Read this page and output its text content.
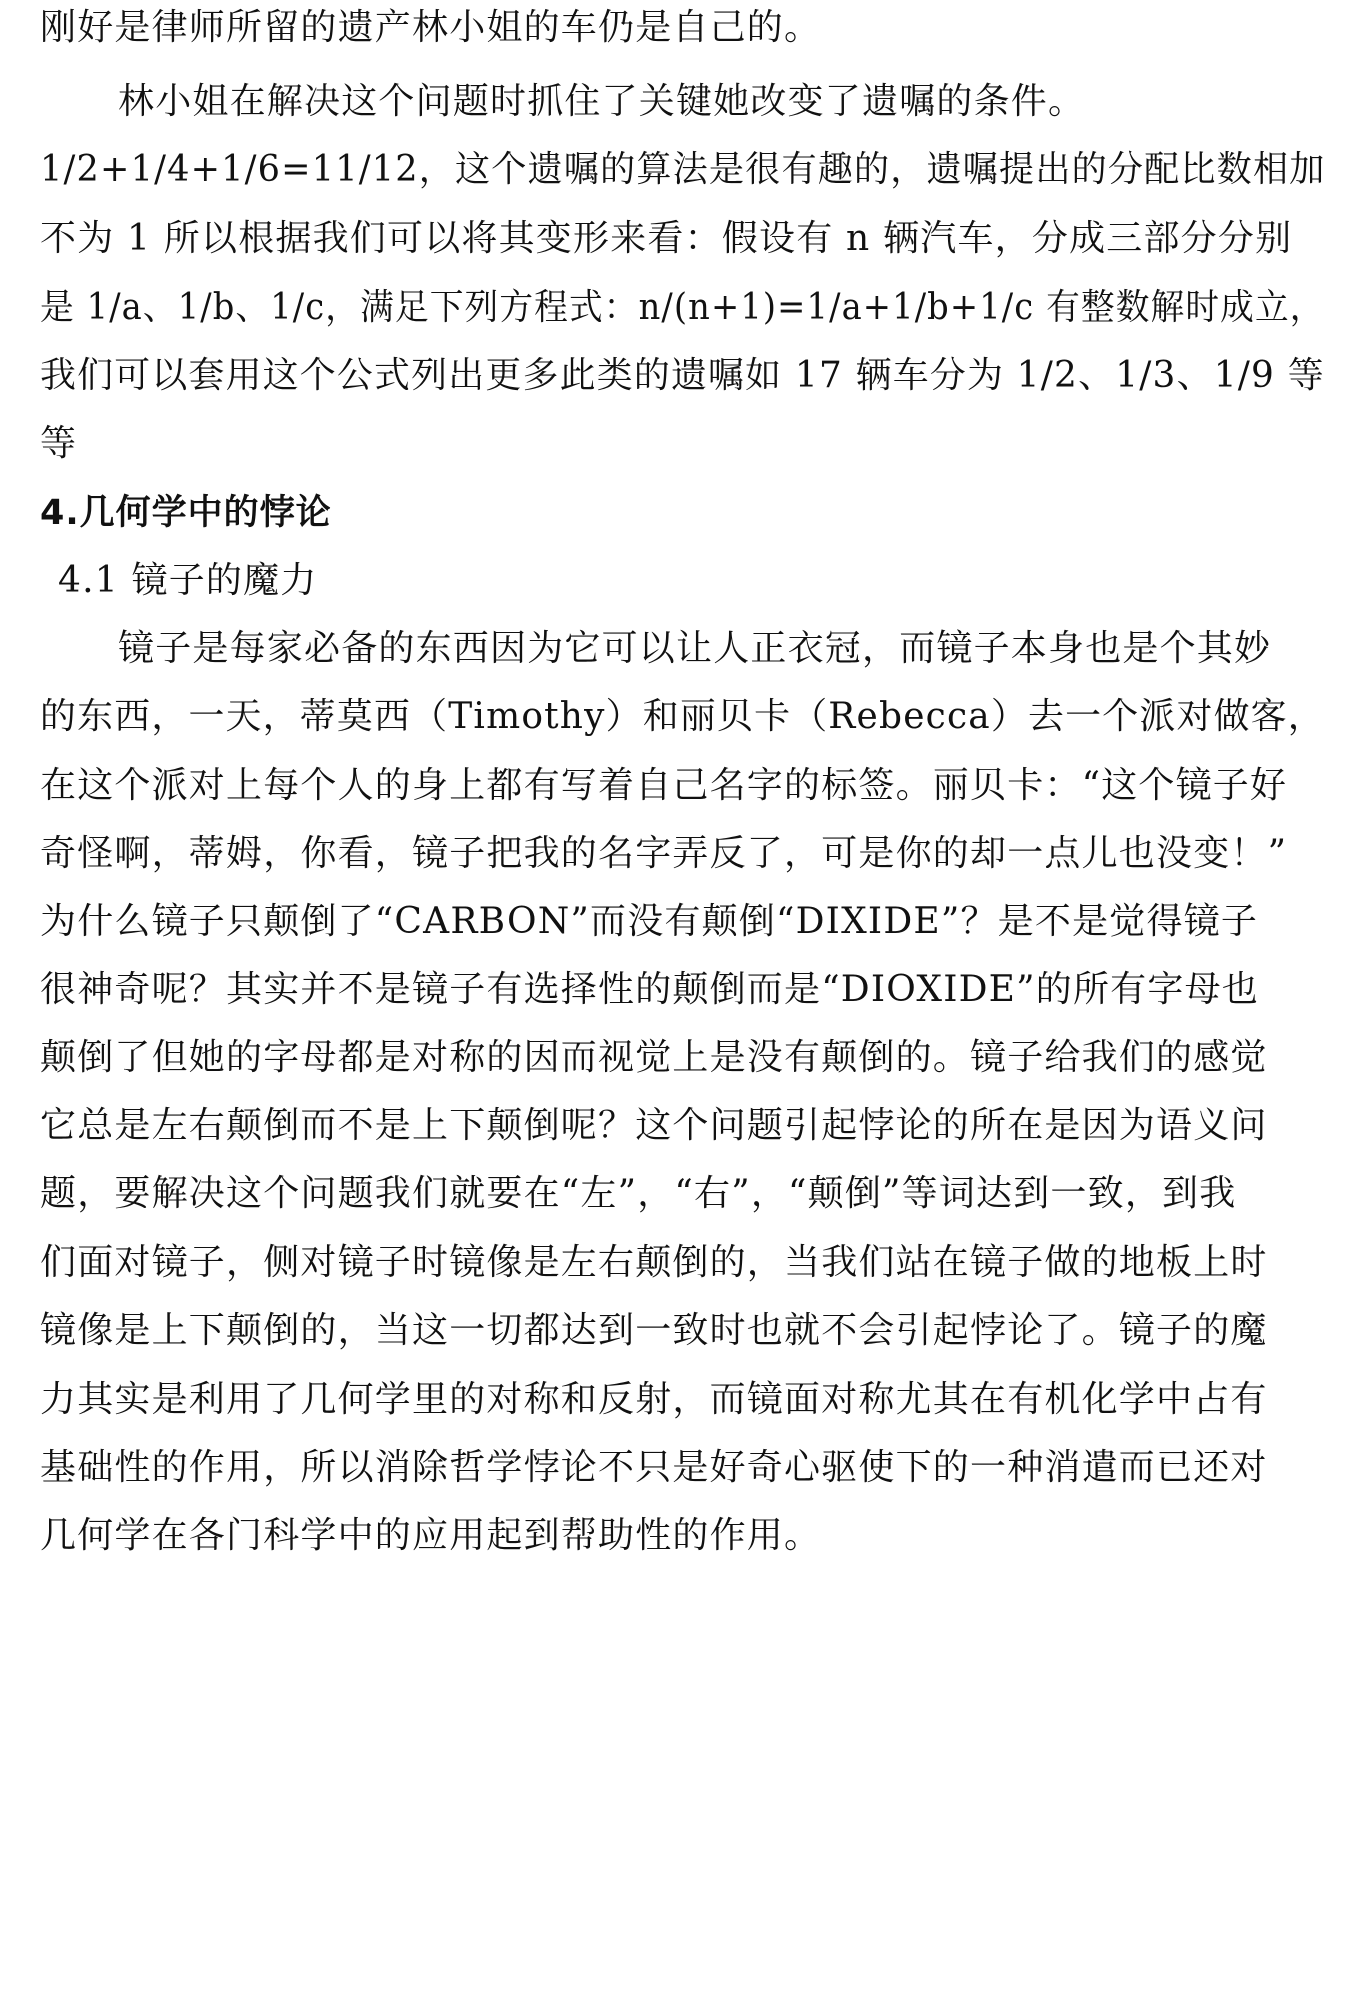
刚好是律师所留的遗产林小姐的车仍是自己的。

林小姐在解决这个问题时抓住了关键她改变了遗嘱的条件。

1/2+1/4+1/6=11/12，这个遗嘱的算法是很有趣的，遗嘱提出的分配比数相加

不为 1 所以根据我们可以将其变形来看：假设有 n 辆汽车，分成三部分分别

是 1/a、1/b、1/c，满足下列方程式：n/(n+1)=1/a+1/b+1/c 有整数解时成立，

我们可以套用这个公式列出更多此类的遗嘱如 17 辆车分为 1/2、1/3、1/9 等

等

4.几何学中的悖论

4.1 镜子的魔力

镜子是每家必备的东西因为它可以让人正衣冠，而镜子本身也是个其妙

的东西，一天，蒂莫西（Timothy）和丽贝卡（Rebecca）去一个派对做客，

在这个派对上每个人的身上都有写着自己名字的标签。丽贝卡：“这个镜子好

奇怪啊，蒂姆，你看，镜子把我的名字弄反了，可是你的却一点儿也没变！”

为什么镜子只颠倒了“CARBON”而没有颠倒“DIXIDE”？是不是觉得镜子

很神奇呢？其实并不是镜子有选择性的颠倒而是“DIOXIDE”的所有字母也

颠倒了但她的字母都是对称的因而视觉上是没有颠倒的。镜子给我们的感觉

它总是左右颠倒而不是上下颠倒呢？这个问题引起悖论的所在是因为语义问

题，要解决这个问题我们就要在“左”，“右”，“颠倒”等词达到一致，到我

们面对镜子，侧对镜子时镜像是左右颠倒的，当我们站在镜子做的地板上时

镜像是上下颠倒的，当这一切都达到一致时也就不会引起悖论了。镜子的魔

力其实是利用了几何学里的对称和反射，而镜面对称尤其在有机化学中占有

基础性的作用，所以消除哲学悖论不只是好奇心驱使下的一种消遣而已还对

几何学在各门科学中的应用起到帮助性的作用。
